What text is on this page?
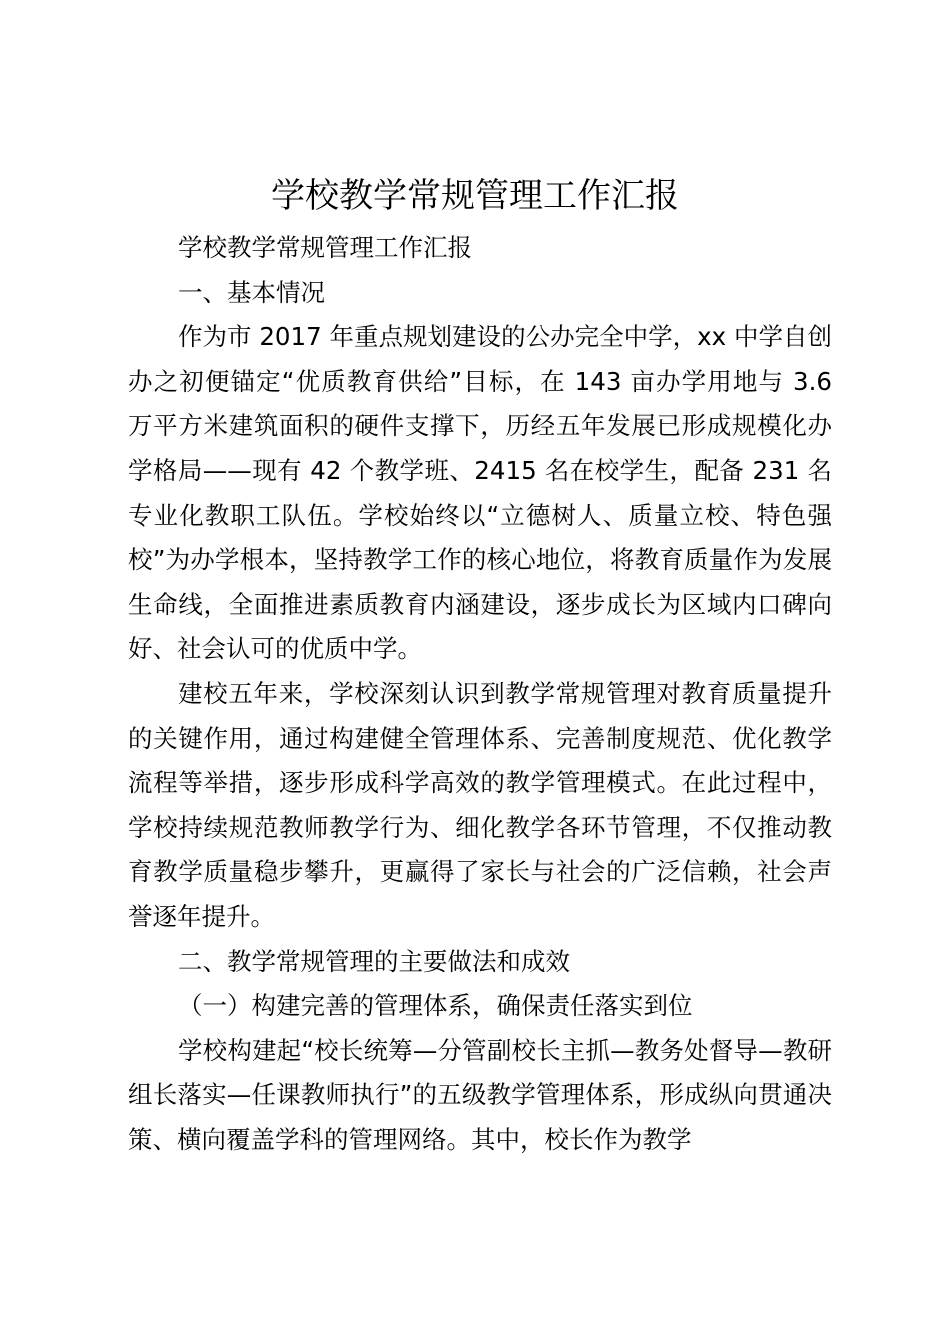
学校教学常规管理工作汇报

学校教学常规管理工作汇报

一、基本情况

作为市 2017 年重点规划建设的公办完全中学，xx 中学自创办之初便锚定“优质教育供给”目标，在 143 亩办学用地与 3.6 万平方米建筑面积的硬件支撑下，历经五年发展已形成规模化办学格局——现有 42 个教学班、2415 名在校学生，配备 231 名专业化教职工队伍。学校始终以“立德树人、质量立校、特色强校”为办学根本，坚持教学工作的核心地位，将教育质量作为发展生命线，全面推进素质教育内涵建设，逐步成长为区域内口碑向好、社会认可的优质中学。

建校五年来，学校深刻认识到教学常规管理对教育质量提升的关键作用，通过构建健全管理体系、完善制度规范、优化教学流程等举措，逐步形成科学高效的教学管理模式。在此过程中，学校持续规范教师教学行为、细化教学各环节管理，不仅推动教育教学质量稳步攀升，更赢得了家长与社会的广泛信赖，社会声誉逐年提升。

二、教学常规管理的主要做法和成效

（一）构建完善的管理体系，确保责任落实到位

学校构建起“校长统筹—分管副校长主抓—教务处督导—教研组长落实—任课教师执行”的五级教学管理体系，形成纵向贯通决策、横向覆盖学科的管理网络。其中，校长作为教学
